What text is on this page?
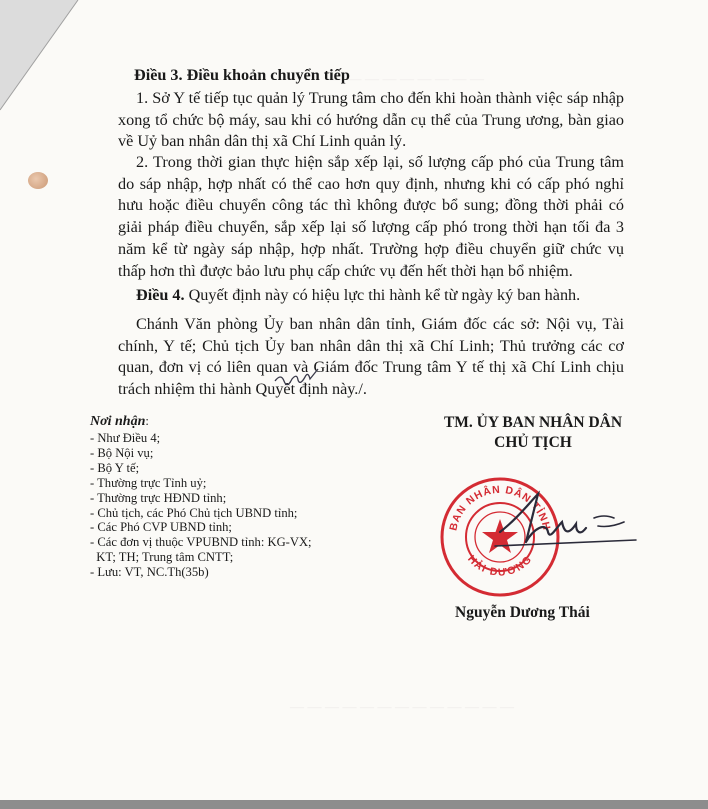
— — — — — — — — —
— — — — — — — — — — — — —
Điều 3. Điều khoản chuyển tiếp
1. Sở Y tế tiếp tục quản lý Trung tâm cho đến khi hoàn thành việc sáp nhập xong tổ chức bộ máy, sau khi có hướng dẫn cụ thể của Trung ương, bàn giao về Uỷ ban nhân dân thị xã Chí Linh quản lý.
2. Trong thời gian thực hiện sắp xếp lại, số lượng cấp phó của Trung tâm do sáp nhập, hợp nhất có thể cao hơn quy định, nhưng khi có cấp phó nghỉ hưu hoặc điều chuyển công tác thì không được bổ sung; đồng thời phải có giải pháp điều chuyển, sắp xếp lại số lượng cấp phó trong thời hạn tối đa 3 năm kể từ ngày sáp nhập, hợp nhất. Trường hợp điều chuyển giữ chức vụ thấp hơn thì được bảo lưu phụ cấp chức vụ đến hết thời hạn bổ nhiệm.
Điều 4. Quyết định này có hiệu lực thi hành kể từ ngày ký ban hành.
Chánh Văn phòng Ủy ban nhân dân tỉnh, Giám đốc các sở: Nội vụ, Tài chính, Y tế; Chủ tịch Ủy ban nhân dân thị xã Chí Linh; Thủ trưởng các cơ quan, đơn vị có liên quan và Giám đốc Trung tâm Y tế thị xã Chí Linh chịu trách nhiệm thi hành Quyết định này./.
Nơi nhận:
- Như Điều 4;
- Bộ Nội vụ;
- Bộ Y tế;
- Thường trực Tỉnh uỷ;
- Thường trực HĐND tỉnh;
- Chủ tịch, các Phó Chủ tịch UBND tỉnh;
- Các Phó CVP UBND tỉnh;
- Các đơn vị thuộc VPUBND tỉnh: KG-VX;
KT; TH; Trung tâm CNTT;
- Lưu: VT, NC.Th(35b)
TM. ỦY BAN NHÂN DÂN
CHỦ TỊCH
BAN NHÂN DÂN TỈNH
HẢI DƯƠNG
Nguyễn Dương Thái
